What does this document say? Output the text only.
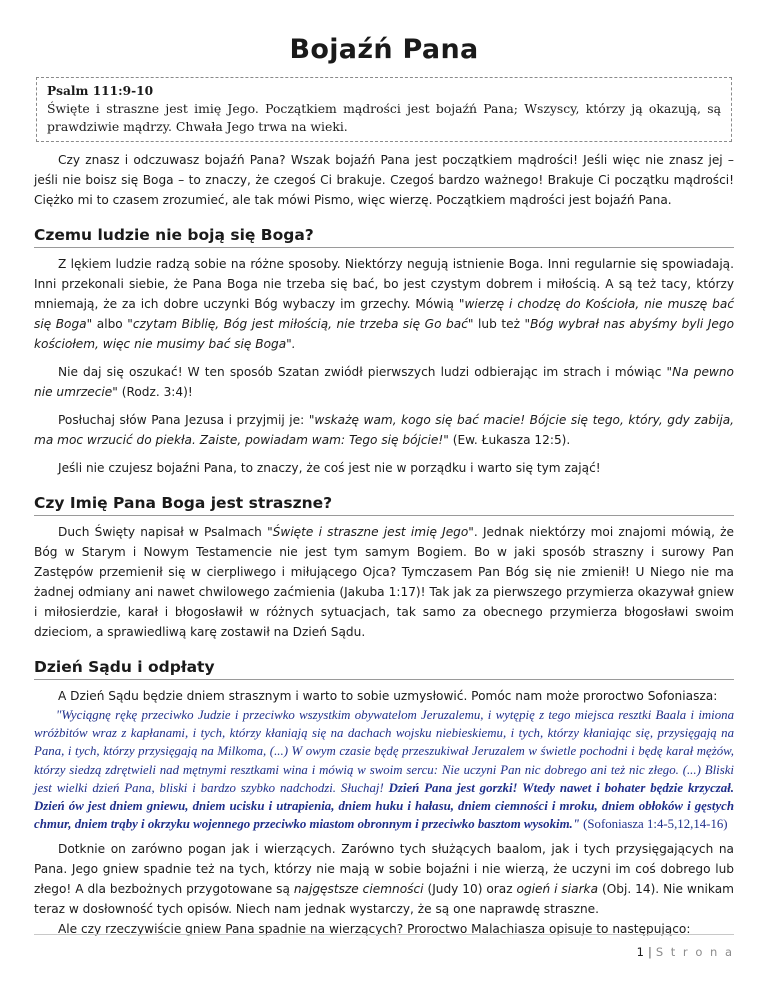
Bojaźń Pana
Psalm 111:9-10
Święte i straszne jest imię Jego. Początkiem mądrości jest bojaźń Pana; Wszyscy, którzy ją okazują, są prawdziwie mądrzy. Chwała Jego trwa na wieki.

Czy znasz i odczuwasz bojaźń Pana? Wszak bojaźń Pana jest początkiem mądrości! Jeśli więc nie znasz jej – jeśli nie boisz się Boga – to znaczy, że czegoś Ci brakuje. Czegoś bardzo ważnego! Brakuje Ci początku mądrości! Ciężko mi to czasem zrozumieć, ale tak mówi Pismo, więc wierzę. Początkiem mądrości jest bojaźń Pana.

Czemu ludzie nie boją się Boga?

Z lękiem ludzie radzą sobie na różne sposoby. Niektórzy negują istnienie Boga. Inni regularnie się spowiadają. Inni przekonali siebie, że Pana Boga nie trzeba się bać, bo jest czystym dobrem i miłością. A są też tacy, którzy mniemają, że za ich dobre uczynki Bóg wybaczy im grzechy. Mówią "wierzę i chodzę do Kościoła, nie muszę bać się Boga" albo "czytam Biblię, Bóg jest miłością, nie trzeba się Go bać" lub też "Bóg wybrał nas abyśmy byli Jego kościołem, więc nie musimy bać się Boga".

Nie daj się oszukać! W ten sposób Szatan zwiódł pierwszych ludzi odbierając im strach i mówiąc "Na pewno nie umrzecie" (Rodz. 3:4)!

Posłuchaj słów Pana Jezusa i przyjmij je: "wskażę wam, kogo się bać macie! Bójcie się tego, który, gdy zabija, ma moc wrzucić do piekła. Zaiste, powiadam wam: Tego się bójcie!" (Ew. Łukasza 12:5).

Jeśli nie czujesz bojaźni Pana, to znaczy, że coś jest nie w porządku i warto się tym zająć!

Czy Imię Pana Boga jest straszne?

Duch Święty napisał w Psalmach "Święte i straszne jest imię Jego". Jednak niektórzy moi znajomi mówią, że Bóg w Starym i Nowym Testamencie nie jest tym samym Bogiem. Bo w jaki sposób straszny i surowy Pan Zastępów przemienił się w cierpliwego i miłującego Ojca? Tymczasem Pan Bóg się nie zmienił! U Niego nie ma żadnej odmiany ani nawet chwilowego zaćmienia (Jakuba 1:17)! Tak jak za pierwszego przymierza okazywał gniew i miłosierdzie, karał i błogosławił w różnych sytuacjach, tak samo za obecnego przymierza błogosławi swoim dzieciom, a sprawiedliwą karę zostawił na Dzień Sądu.

Dzień Sądu i odpłaty

A Dzień Sądu będzie dniem strasznym i warto to sobie uzmysłowić. Pomóc nam może proroctwo Sofoniasza:

"Wyciągnę rękę przeciwko Judzie i przeciwko wszystkim obywatelom Jeruzalemu, i wytępię z tego miejsca resztki Baala i imiona wróżbitów wraz z kapłanami, i tych, którzy kłaniają się na dachach wojsku niebieskiemu, i tych, którzy kłaniając się, przysięgają na Pana, i tych, którzy przysięgają na Milkoma, (...) W owym czasie będę przeszukiwał Jeruzalem w świetle pochodni i będę karał mężów, którzy siedzą zdrętwieli nad mętnymi resztkami wina i mówią w swoim sercu: Nie uczyni Pan nic dobrego ani też nic złego. (...) Bliski jest wielki dzień Pana, bliski i bardzo szybko nadchodzi. Słuchaj! Dzień Pana jest gorzki! Wtedy nawet i bohater będzie krzyczał. Dzień ów jest dniem gniewu, dniem ucisku i utrapienia, dniem huku i hałasu, dniem ciemności i mroku, dniem obłoków i gęstych chmur, dniem trąby i okrzyku wojennego przeciwko miastom obronnym i przeciwko basztom wysokim." (Sofoniasza 1:4-5,12,14-16)

Dotknie on zarówno pogan jak i wierzących. Zarówno tych służących baalom, jak i tych przysięgających na Pana. Jego gniew spadnie też na tych, którzy nie mają w sobie bojaźni i nie wierzą, że uczyni im coś dobrego lub złego! A dla bezbożnych przygotowane są najgęstsze ciemności (Judy 10) oraz ogień i siarka (Obj. 14). Nie wnikam teraz w dosłowność tych opisów. Niech nam jednak wystarczy, że są one naprawdę straszne.

Ale czy rzeczywiście gniew Pana spadnie na wierzących? Proroctwo Malachiasza opisuje to następująco:

1 | S t r o n a
